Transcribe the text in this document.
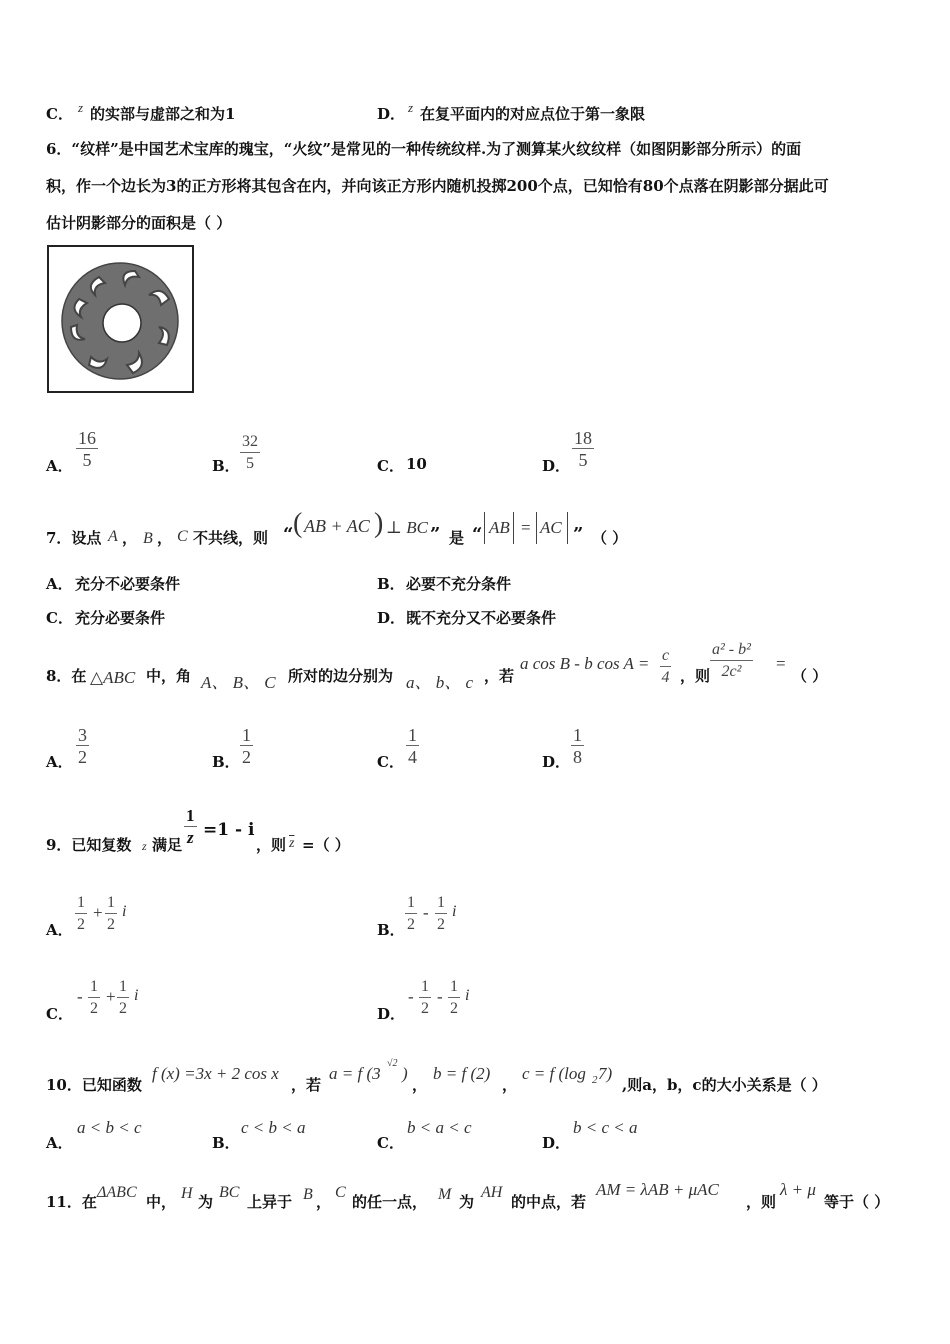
C． z 的实部与虚部之和为1	D． z 在复平面内的对应点位于第一象限
6．“纹样”是中国艺术宝库的瑰宝，“火纹”是常见的一种传统纹样.为了测算某火纹纹样（如图阴影部分所示）的面
积，作一个边长为3的正方形将其包含在内，并向该正方形内随机投掷200个点，已知恰有80个点落在阴影部分据此可
估计阴影部分的面积是（ ）
A． $\frac{16}{5}$	B． $\frac{32}{5}$	C． 10	D． $\frac{18}{5}$
7．设点 A ， B ， C 不共线，则 “ ( AB + AC ) ⊥ BC ” 是 “ AB = AC ” （ ）
A． 充分不必要条件	B． 必要不充分条件
C． 充分必要条件	D． 既不充分又不必要条件
8．在 △ABC 中，角 A、 B、 C 所对的边分别为 a、 b、 c ，若
a cos B - b $\cos A = \frac{c}{4}$ ，则 $\frac{\text{a² - b²}}{\text{2c²}}$ =
（ ）
A． $\frac{3}{2}$	B． $\frac{1}{2}$	C． $\frac{1}{4}$	D． $\frac{1}{8}$
9．已知复数 z 满足 $\frac{1}{z} =1 - i$
，则 $\overline{z}$ =（ ）
A． $\frac{1}{2} + \frac{1}{2}$ i
B． $\frac{1}{2} - \frac{1}{2}$ i
C．
- $\frac{1}{2} + \frac{1}{2}$ i
D．
- $\frac{1}{2} - \frac{1}{2}$ i
10．已知函数
f (x) =3x + 2 cos x
，若
a = f (3
√2
)
，
b = f (2)
，
c = f (log 2 7)
,则a，b，c的大小关系是（ ）
A．
a < b < c
B．
c < b < a
C．
b < a < c
D．
b < c < a
11．在
ΔABC
中， H 为
BC
上异于 B ，
C
的任一点， M 为
AH
的中点，若
AM = λAB + μAC
，则
λ + μ
等于（ ）
